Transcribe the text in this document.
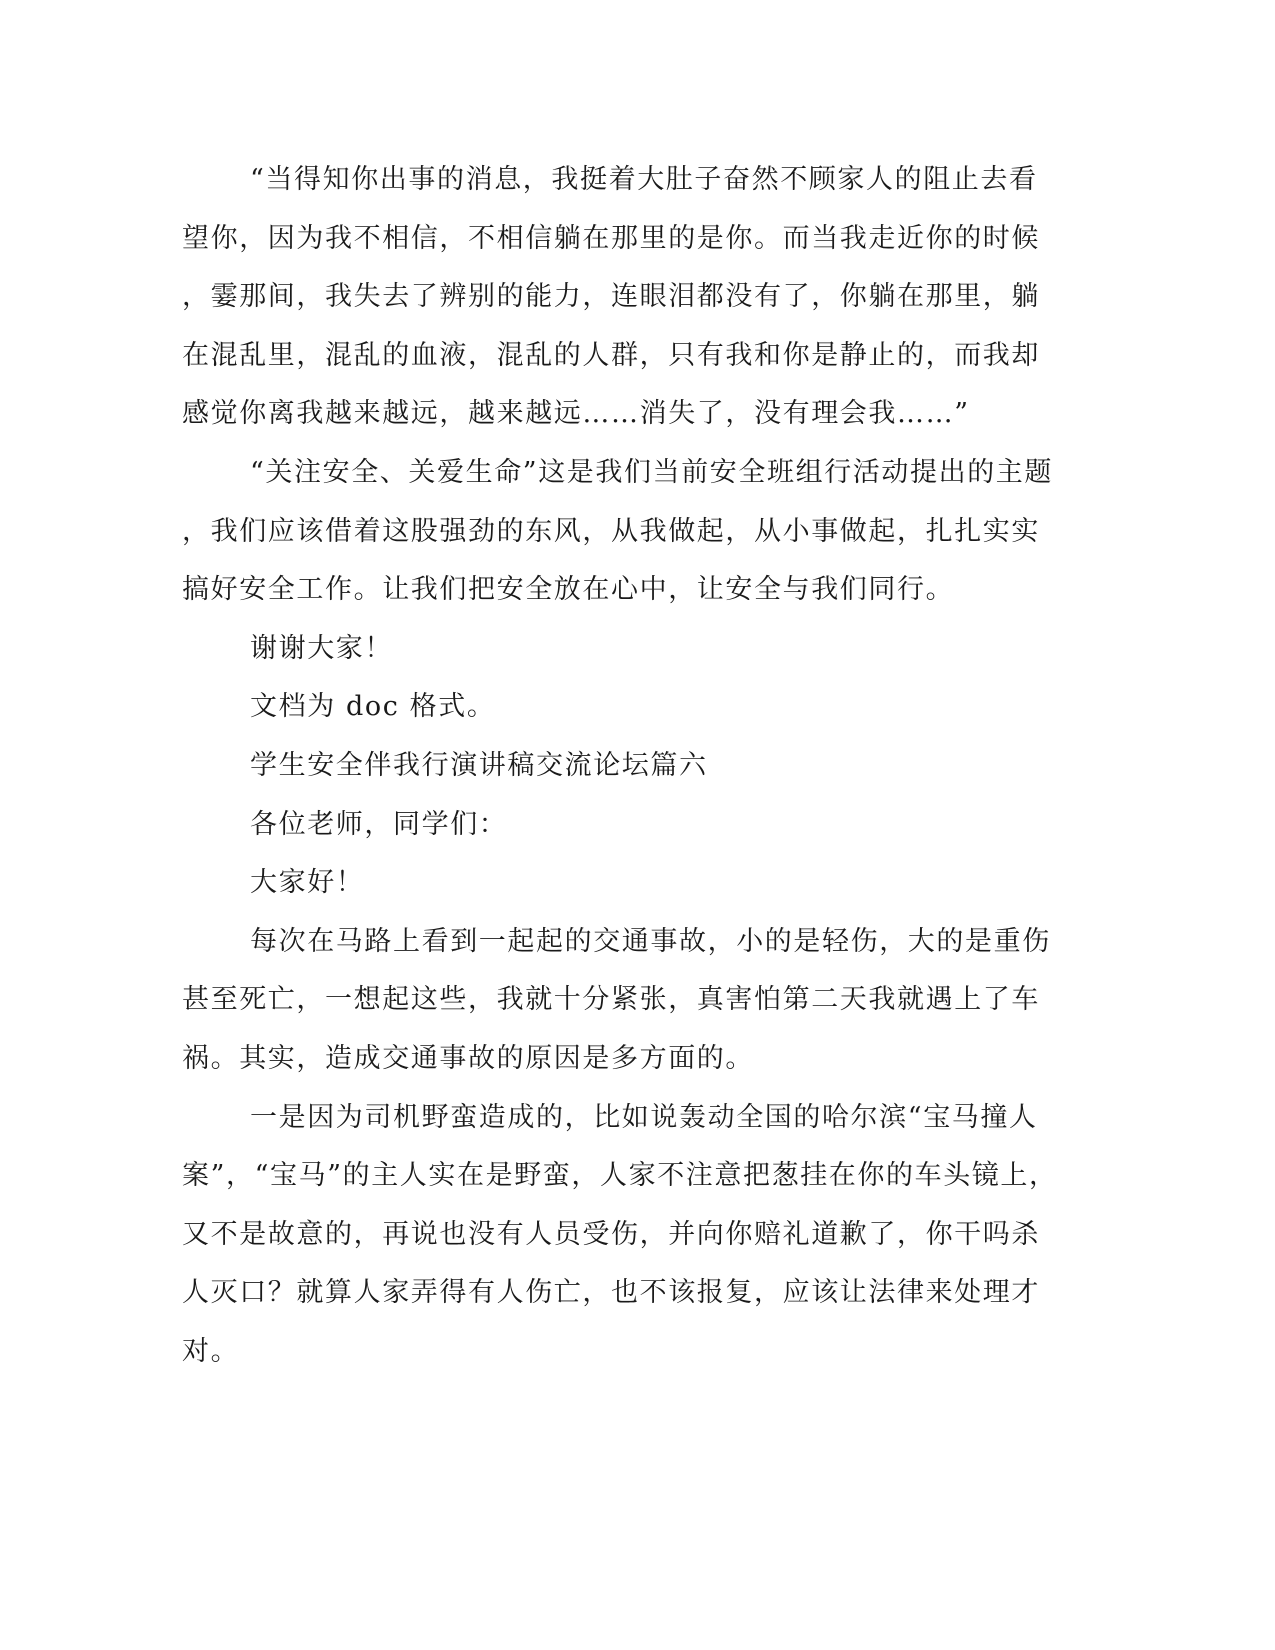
“当得知你出事的消息，我挺着大肚子奋然不顾家人的阻止去看
望你，因为我不相信，不相信躺在那里的是你。而当我走近你的时候
，霎那间，我失去了辨别的能力，连眼泪都没有了，你躺在那里，躺
在混乱里，混乱的血液，混乱的人群，只有我和你是静止的，而我却
感觉你离我越来越远，越来越远……消失了，没有理会我……”

“关注安全、关爱生命”这是我们当前安全班组行活动提出的主题
，我们应该借着这股强劲的东风，从我做起，从小事做起，扎扎实实
搞好安全工作。让我们把安全放在心中，让安全与我们同行。

谢谢大家！

文档为 doc 格式。

学生安全伴我行演讲稿交流论坛篇六

各位老师，同学们：

大家好！

每次在马路上看到一起起的交通事故，小的是轻伤，大的是重伤
甚至死亡，一想起这些，我就十分紧张，真害怕第二天我就遇上了车
祸。其实，造成交通事故的原因是多方面的。

一是因为司机野蛮造成的，比如说轰动全国的哈尔滨“宝马撞人
案”，“宝马”的主人实在是野蛮，人家不注意把葱挂在你的车头镜上，
又不是故意的，再说也没有人员受伤，并向你赔礼道歉了，你干吗杀
人灭口？就算人家弄得有人伤亡，也不该报复，应该让法律来处理才
对。
